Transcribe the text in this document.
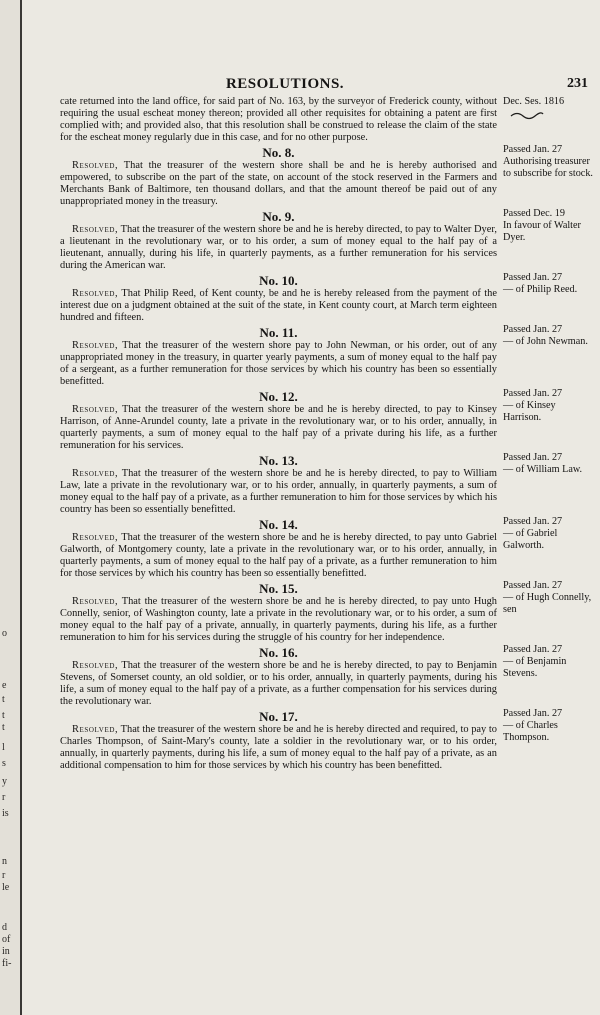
o
e
t
t
t
l
s
y
r
is
n
r
le
d
of
in
fi-
RESOLUTIONS.	231
cate returned into the land office, for said part of No. 163, by the surveyor of Frederick county, without requiring the usual escheat money thereon; provided all other requisites for obtaining a patent are first complied with; and provided also, that this resolution shall be construed to release the claim of the state for the escheat money regularly due in this case, and for no other purpose.
Dec. Ses. 1816
No. 8.
Resolved, That the treasurer of the western shore shall be and he is hereby authorised and empowered, to subscribe on the part of the state, on account of the stock reserved in the Farmers and Merchants Bank of Baltimore, ten thousand dollars, and that the amount thereof be paid out of any unappropriated money in the treasury.
Passed Jan. 27
Authorising treasurer to subscribe for stock.
No. 9.
Resolved, That the treasurer of the western shore be and he is hereby directed, to pay to Walter Dyer, a lieutenant in the revolutionary war, or to his order, a sum of money equal to the half pay of a lieutenant, annually, during his life, in quarterly payments, as a further remuneration for his services during the American war.
Passed Dec. 19
In favour of Walter Dyer.
No. 10.
Resolved, That Philip Reed, of Kent county, be and he is hereby released from the payment of the interest due on a judgment obtained at the suit of the state, in Kent county court, at March term eighteen hundred and fifteen.
Passed Jan. 27
— of Philip Reed.
No. 11.
Resolved, That the treasurer of the western shore pay to John Newman, or his order, out of any unappropriated money in the treasury, in quarter yearly payments, a sum of money equal to the half pay of a sergeant, as a further remuneration for those services by which his country has been so essentially benefitted.
Passed Jan. 27
— of John Newman.
No. 12.
Resolved, That the treasurer of the western shore be and he is hereby directed, to pay to Kinsey Harrison, of Anne-Arundel county, late a private in the revolutionary war, or to his order, annually, in quarterly payments, a sum of money equal to the half pay of a private during his life, as a further remuneration for his services.
Passed Jan. 27
— of Kinsey Harrison.
No. 13.
Resolved, That the treasurer of the western shore be and he is hereby directed, to pay to William Law, late a private in the revolutionary war, or to his order, annually, in quarterly payments, a sum of money equal to the half pay of a private, as a further remuneration to him for those services by which his country has been so essentially benefitted.
Passed Jan. 27
— of William Law.
No. 14.
Resolved, That the treasurer of the western shore be and he is hereby directed, to pay unto Gabriel Galworth, of Montgomery county, late a private in the revolutionary war, or to his order, annually, in quarterly payments, a sum of money equal to the half pay of a private, as a further remuneration to him for those services by which his country has been so essentially benefitted.
Passed Jan. 27
— of Gabriel Galworth.
No. 15.
Resolved, That the treasurer of the western shore be and he is hereby directed, to pay unto Hugh Connelly, senior, of Washington county, late a private in the revolutionary war, or to his order, a sum of money equal to the half pay of a private, annually, in quarterly payments, during his life, as a further remuneration to him for his services during the struggle of his country for her independence.
Passed Jan. 27
— of Hugh Connelly, sen
No. 16.
Resolved, That the treasurer of the western shore be and he is hereby directed, to pay to Benjamin Stevens, of Somerset county, an old soldier, or to his order, annually, in quarterly payments, during his life, a sum of money equal to the half pay of a private, as a further compensation for his services during the revolutionary war.
Passed Jan. 27
— of Benjamin Stevens.
No. 17.
Resolved, That the treasurer of the western shore be and he is hereby directed and required, to pay to Charles Thompson, of Saint-Mary's county, late a soldier in the revolutionary war, or to his order, annually, in quarterly payments, during his life, a sum of money equal to the half pay of a private, as an additional compensation to him for those services by which his country has been benefitted.
Passed Jan. 27
— of Charles Thompson.
